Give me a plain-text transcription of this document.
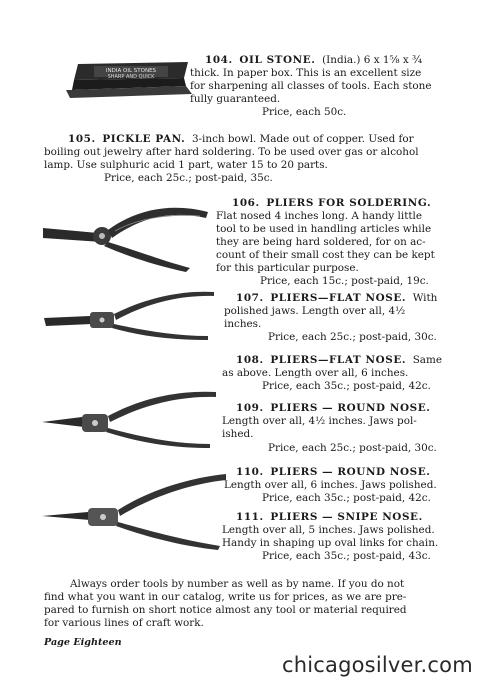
INDIA OIL STONES
SHARP AND QUICK
104. OIL STONE. (India.) 6 x 1⅝ x ¾
thick. In paper box. This is an excellent size
for sharpening all classes of tools. Each stone
fully guaranteed.
Price, each 50c.
105. PICKLE PAN. 3-inch bowl. Made out of copper. Used for
boiling out jewelry after hard soldering. To be used over gas or alcohol
lamp. Use sulphuric acid 1 part, water 15 to 20 parts.
Price, each 25c.; post-paid, 35c.
106. PLIERS FOR SOLDERING.
Flat nosed 4 inches long. A handy little
tool to be used in handling articles while
they are being hard soldered, for on ac-
count of their small cost they can be kept
for this particular purpose.
Price, each 15c.; post-paid, 19c.
107. PLIERS—FLAT NOSE. With
polished jaws. Length over all, 4½
inches.
Price, each 25c.; post-paid, 30c.
108. PLIERS—FLAT NOSE. Same
as above. Length over all, 6 inches.
Price, each 35c.; post-paid, 42c.
109. PLIERS — ROUND NOSE.
Length over all, 4½ inches. Jaws pol-
ished.
Price, each 25c.; post-paid, 30c.
110. PLIERS — ROUND NOSE.
Length over all, 6 inches. Jaws polished.
Price, each 35c.; post-paid, 42c.
111. PLIERS — SNIPE NOSE.
Length over all, 5 inches. Jaws polished.
Handy in shaping up oval links for chain.
Price, each 35c.; post-paid, 43c.
Always order tools by number as well as by name. If you do not
find what you want in our catalog, write us for prices, as we are pre-
pared to furnish on short notice almost any tool or material required
for various lines of craft work.
Page Eighteen
chicagosilver.com
